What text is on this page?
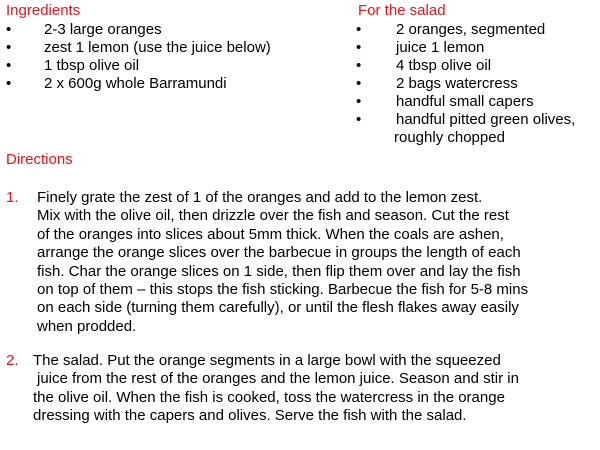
Ingredients
•	2-3 large oranges
•	zest 1 lemon (use the juice below)
•	1 tbsp olive oil
•	2 x 600g whole Barramundi
For the salad
•	2 oranges, segmented
•	juice 1 lemon
•	4 tbsp olive oil
•	2 bags watercress
•	handful small capers
•	handful pitted green olives,
roughly chopped
Directions
1. Finely grate the zest of 1 of the oranges and add to the lemon zest.
Mix with the olive oil, then drizzle over the fish and season. Cut the rest
of the oranges into slices about 5mm thick. When the coals are ashen,
arrange the orange slices over the barbecue in groups the length of each
fish. Char the orange slices on 1 side, then flip them over and lay the fish
on top of them – this stops the fish sticking. Barbecue the fish for 5-8 mins
on each side (turning them carefully), or until the flesh flakes away easily
when prodded.
2. The salad. Put the orange segments in a large bowl with the squeezed
juice from the rest of the oranges and the lemon juice. Season and stir in
the olive oil. When the fish is cooked, toss the watercress in the orange
dressing with the capers and olives. Serve the fish with the salad.
